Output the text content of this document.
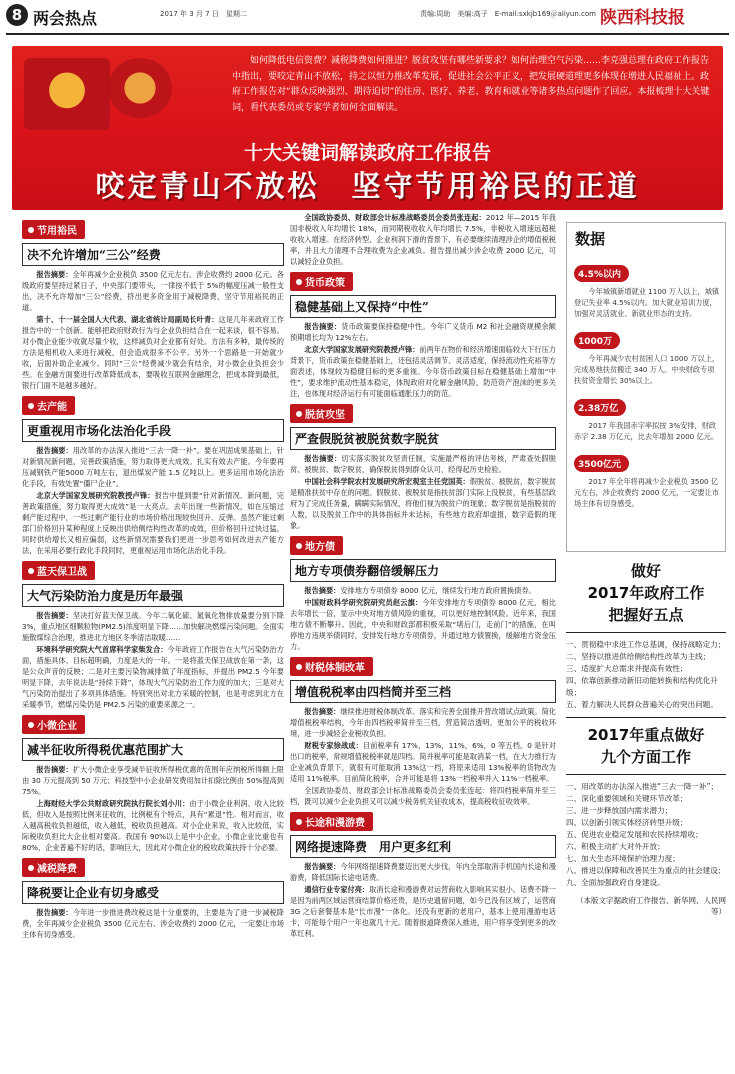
8 两会热点	2017 年 3 月 7 日　星期二	责编:周助　美编:高子　E-mail:sxkjb169＠aliyun.com 陕西科技报
如何降低电信资费？减税降费如何推进？脱贫攻坚有哪些新要求？如何治理空气污染……李克强总理在政府工作报告中指出，要咬定青山不放松，持之以恒力推改革发展，促进社会公平正义，把发展硬道理更多体现在增进人民福祉上。政府工作报告对“群众反映强烈、期待迫切”的住房、医疗、养老、教育和就业等诸多热点问题作了回应。本报梳理十大关键词，看代表委员或专家学者如何全面解读。
十大关键词解读政府工作报告
咬定青山不放松　坚守节用裕民的正道
节用裕民
决不允许增加“三公”经费

报告摘要：全年再减少企业税负 3500 亿元左右、涉企收费约 2000 亿元。各级政府要坚持过紧日子，中央部门要带头，一律按不低于 5%的幅度压减一般性支出，决不允许增加“三公”经费，挤出更多资金用于减税降费，坚守节用裕民的正道。

第十、十一届全国人大代表、湖北省统计局副局长叶青：这是几年来政府工作报告中的一个创新。能够把政府财政行为与企业负担结合在一起来谈，很不容易。对小微企业能少收就尽量少收，这样减负对企业都有好处。方法有多种，最传统的方法是相机收入来进行减税，但会造成很多不公平。另外一个思路是一开始就少收，后面补助企业减少。同时“三公”经费减少就会有结余，对小微企业负担会少些。在金融方面要进行改革降低成本，要吸收互联网金融理念，把成本降到最低，银行门面不是越多越好。

去产能
更重视用市场化法治化手段

报告摘要：用改革的办法深入推进“三去一降一补”。要在巩固成果基础上，针对新情况新问题，完善政策措施，努力取得更大成效。扎实有效去产能。今年要再压减钢铁产能5000 万吨左右，退出煤炭产能 1.5 亿吨以上。更多运用市场化法治化手段，有效处置“僵尸企业”。

北京大学国家发展研究院教授卢锋：报告中提到要“针对新情况、新问题，完善政策措施，努力取得更大成效”是一大亮点。去年出现一些新情况，如在压缩过剩产能过程中，一些过剩产能行业的市场价格出现较快回升、反弹。虽然产能过剩部门价格回升某种程度上反映出供给侧结构性改革的成效，但价格回升过快过猛，同时供给增长又相应偏弱，这些新情况需要我们更进一步思考如何改进去产能方法，在采用必要行政化手段同时，更重视运用市场化法治化手段。

蓝天保卫战
大气污染防治力度是历年最强

报告摘要：坚决打好蓝天保卫战。今年二氧化硫、氮氧化物排放量要分别下降 3%，重点地区细颗粒物(PM2.5)浓度明显下降……加快解决燃煤污染问题。全面实施散煤综合治理，推进北方地区冬季清洁取暖……

环境科学研究院大气首席科学家柴发合：今年政府工作报告在大气污染防治方面，措施具体、目标超明确，力度是大的一年。一是将蓝天保卫战放在第一条，这是公众声音的反映；二是对主要污染物减排做了年度指标，并提出 PM2.5 今年要明显下降，去年说法是“持续下降”，体现大气污染防治工作力度的加大；三是对大气污染防治提出了多项具体措施。特别突出对北方采暖的控制，也是考虑到北方在采暖季节，燃煤污染仍是 PM2.5 污染的重要来源之一。

小微企业
减半征收所得税优惠范围扩大

报告摘要：扩大小微企业享受减半征收所得税优惠的范围年应纳税所得额上限由 30 万元提高到 50 万元；科技型中小企业研发费用加计扣除比例由 50%提高到 75%。

上海财经大学公共财政研究院执行院长刘小川：由于小微企业利润、收入比较低，但收入是按照比例来征收的，比例税有个特点，具有“累退”性。相对而言，收入越高税收负担越低，收入越低，税收负担越高。对小企业来说，收入比较低，实际税收负担比大企业相对要高。我国有 90%以上是中小企业，小微企业比重也有 80%，企业普遍不好的话，影响巨大，因此对小微企业的税收政策扶持十分必要。

减税降费
降税要让企业有切身感受

报告摘要：今年进一步推进费改税这是十分重要的，主要是为了进一步减税降费，全年再减少企业税负 3500 亿元左右、涉企收费约 2000 亿元，一定要让市场主体有切身感受。

全国政协委员、财政部会计标准战略委员会委员张连起：2012 年—2015 年我国非税收入年均增长 18%，而同期税收收入年均增长 7.5%，非税收入增速远超税收收入增速。在经济转型、企业利润下滑的背景下，有必要继续清理涉企的增值税税率，并且大力清理不合理收费为企业减负。报告提出减少涉企收费 2000 亿元，可以减轻企业负担。

货币政策
稳健基础上又保持“中性”

报告摘要：货币政策要保持稳健中性。今年广义货币 M2 和社会融资规模余额预期增长均为 12%左右。

北京大学国家发展研究院教授卢锋：前两年在物价和经济增速面临较大下行压力背景下，货币政策在稳健基础上，还包括灵活调节、灵活适度，保持流动性充裕等方面表述，体现较为稳健目标的更多重视。今年货币政策目标在稳健基础上增加“中性”，要求维护流动性基本稳定，体现政府对化解金融风险，防范资产泡沫的更多关注，也体现对经济运行有可能面临通胀压力的防范。

脱贫攻坚
严查假脱贫被脱贫数字脱贫

报告摘要：切实落实脱贫攻坚责任制，实施最严格的评估考核，严肃查处假脱贫、被脱贫、数字脱贫，确保脱贫得到群众认可，经得起历史检验。

中国社会科学院农村发展研究所宏观室主任党国英：假脱贫、被脱贫，数字脱贫是精准扶贫中存在的问题。假脱贫、被脱贫是指扶贫部门实际上没脱贫，有些基层政府为了完成任务量，瞒瞒实际情况，将他们视为脱贫户的现象；数字脱贫是指脱贫的人数，以及脱贫工作中的具体指标并未达标，有些地方政府却虚报，数字造假的现象。

地方债
地方专项债券翻倍缓解压力

报告摘要：安排地方专项债券 8000 亿元，继续发行地方政府置换债券。

中国财政科学研究院研究员赵云旗：今年安排地方专项债券 8000 亿元，相比去年增长一倍，显示中央对地方债风险的重视，可以更好地控制风险。近年来，我国地方债不断攀升。因此，中央和财政部都积极采取“堵后门，走前门”的措施，在叫停地方违规举债同时，安排发行地方专项债券，并通过地方债置换，缓解地方资金压力。

财税体制改革
增值税税率由四档简并至三档

报告摘要：继续推进财税体制改革。落实和完善全面推开营改增试点政策。简化增值税税率结构，今年由四档税率简并至三档，营造简洁透明、更加公平的税收环境，进一步减轻企业税收负担。

财税专家徐战成：目前税率有 17%，13%，11%，6%，0 等五档。0 是针对出口的税率，常规增值税税率就是四档。简并税率可能是取消某一档，在大力推行为企业减负背景下，就很有可能取消 13%这一档，将原来适用 13%税率的货物改为适用 11%税率。目前简化税率，合并可能是将 13%一档税率并入 11%一档税率。

全国政协委员、财政部会计标准战略委员会委员张连起：将四档税率简并至三档，既可以减少企业负担又可以减少税务机关征收成本，提高税收征收效率。

长途和漫游费
网络提速降费　用户更多红利

报告摘要：今年网络提速降费要迈出更大步伐，年内全部取消手机国内长途和漫游费，降低国际长途电话费。

通信行业专家付亮：取消长途和漫游费对运营商收入影响其实很小。话费不降一是因为前两区域运营商结算价格还贵，是历史遗留问题，如今已没有区域了，运营商 3G 之后套餐基本是“长市漫”一体化。还没有更新的老用户，基本上使用漫游电话卡，可能每个用户一年也就几十元。随着报道降费深入推进，用户将享受到更多的改革红利。

数据
4.5%以内
今年城镇新增就业 1100 万人以上，城镇登记失业率 4.5%以内。加大就业培训力度，加强对灵活就业、新就业形态的支持。
1000万
今年再减少农村贫困人口 1000 万以上，完成易地扶贫搬迁 340 万人。中央财政专项扶贫资金增长 30%以上。
2.38万亿
2017 年我国赤字率拟按 3%安排，财政赤字 2.38 万亿元，比去年增加 2000 亿元。
3500亿元
2017 年全年将再减少企业税负 3500 亿元左右，涉企收费约 2000 亿元，一定要让市场主体有切身感受。
做好
2017年政府工作
把握好五点
一、贯彻稳中求进工作总基调，保持战略定力；
二、坚持以推进供给侧结构性改革为主线；
三、适度扩大总需求并提高有效性；
四、依靠创新推动新旧动能转换和结构优化升级；
五、着力解决人民群众普遍关心的突出问题。
2017年重点做好
九个方面工作
一、用改革的办法深入推进“三去一降一补”；
二、深化重要领域和关键环节改革；
三、进一步释放国内需求潜力；
四、以创新引领实体经济转型升级；
五、促进农业稳定发展和农民持续增收；
六、积极主动扩大对外开放；
七、加大生态环境保护治理力度；
八、推进以保障和改善民生为重点的社会建设；
九、全面加强政府自身建设。
（本版文字据政府工作报告、新华网、人民网等）
